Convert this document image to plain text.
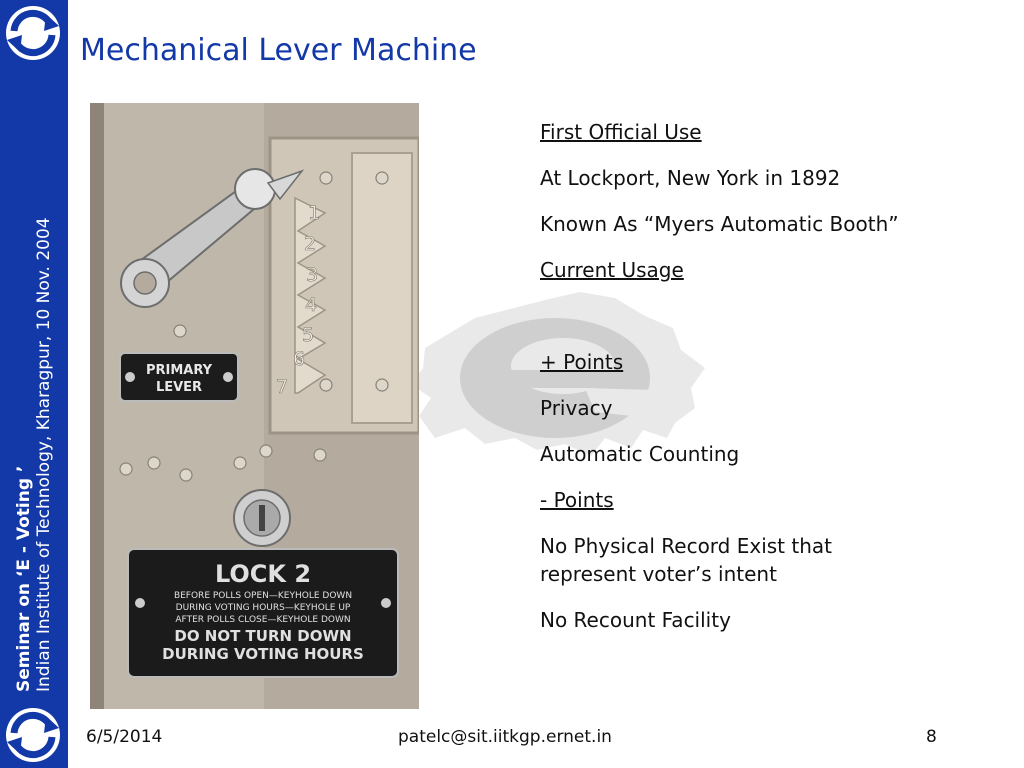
Seminar on ‘E - Voting ’ Indian Institute of Technology, Kharagpur, 10 Nov. 2004
Mechanical Lever Machine
1
2
3
4
5
6
7
PRIMARY
LEVER
LOCK 2
BEFORE POLLS OPEN—KEYHOLE DOWN
DURING VOTING HOURS—KEYHOLE UP
AFTER POLLS CLOSE—KEYHOLE DOWN
DO NOT TURN DOWN
DURING VOTING HOURS
First Official Use
At Lockport, New York in 1892
Known As “Myers Automatic Booth”
Current Usage
+ Points
Privacy
Automatic Counting
- Points
No Physical Record Exist that represent voter’s intent
No Recount Facility
6/5/2014	patelc@sit.iitkgp.ernet.in	8
